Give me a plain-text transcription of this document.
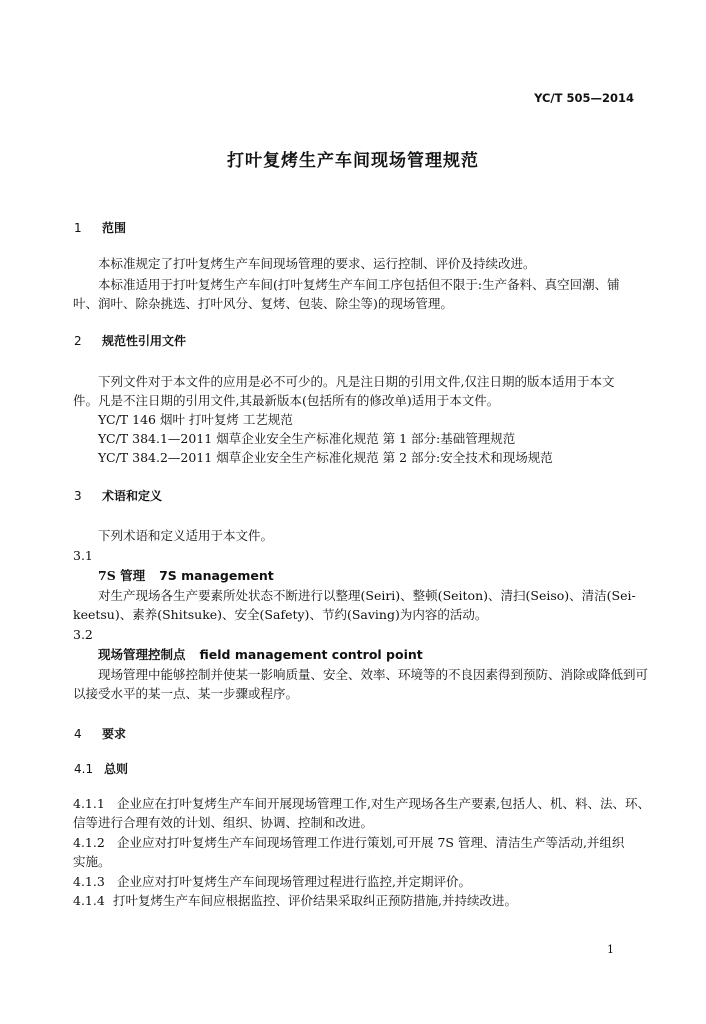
YC/T 505—2014
打叶复烤生产车间现场管理规范
1 范围
本标准规定了打叶复烤生产车间现场管理的要求、运行控制、评价及持续改进。
本标准适用于打叶复烤生产车间(打叶复烤生产车间工序包括但不限于:生产备料、真空回潮、铺
叶、润叶、除杂挑选、打叶风分、复烤、包装、除尘等)的现场管理。
2 规范性引用文件
下列文件对于本文件的应用是必不可少的。凡是注日期的引用文件,仅注日期的版本适用于本文
件。凡是不注日期的引用文件,其最新版本(包括所有的修改单)适用于本文件。
YC/T 146 烟叶 打叶复烤 工艺规范
YC/T 384.1—2011 烟草企业安全生产标准化规范 第 1 部分:基础管理规范
YC/T 384.2—2011 烟草企业安全生产标准化规范 第 2 部分:安全技术和现场规范
3 术语和定义
下列术语和定义适用于本文件。
3.1
7S 管理 7S management
对生产现场各生产要素所处状态不断进行以整理(Seiri)、整顿(Seiton)、清扫(Seiso)、清洁(Sei-
keetsu)、素养(Shitsuke)、安全(Safety)、节约(Saving)为内容的活动。
3.2
现场管理控制点 field management control point
现场管理中能够控制并使某一影响质量、安全、效率、环境等的不良因素得到预防、消除或降低到可
以接受水平的某一点、某一步骤或程序。
4 要求
4.1 总则
4.1.1 企业应在打叶复烤生产车间开展现场管理工作,对生产现场各生产要素,包括人、机、料、法、环、
信等进行合理有效的计划、组织、协调、控制和改进。
4.1.2 企业应对打叶复烤生产车间现场管理工作进行策划,可开展 7S 管理、清洁生产等活动,并组织
实施。
4.1.3 企业应对打叶复烤生产车间现场管理过程进行监控,并定期评价。
4.1.4 打叶复烤生产车间应根据监控、评价结果采取纠正预防措施,并持续改进。
1
